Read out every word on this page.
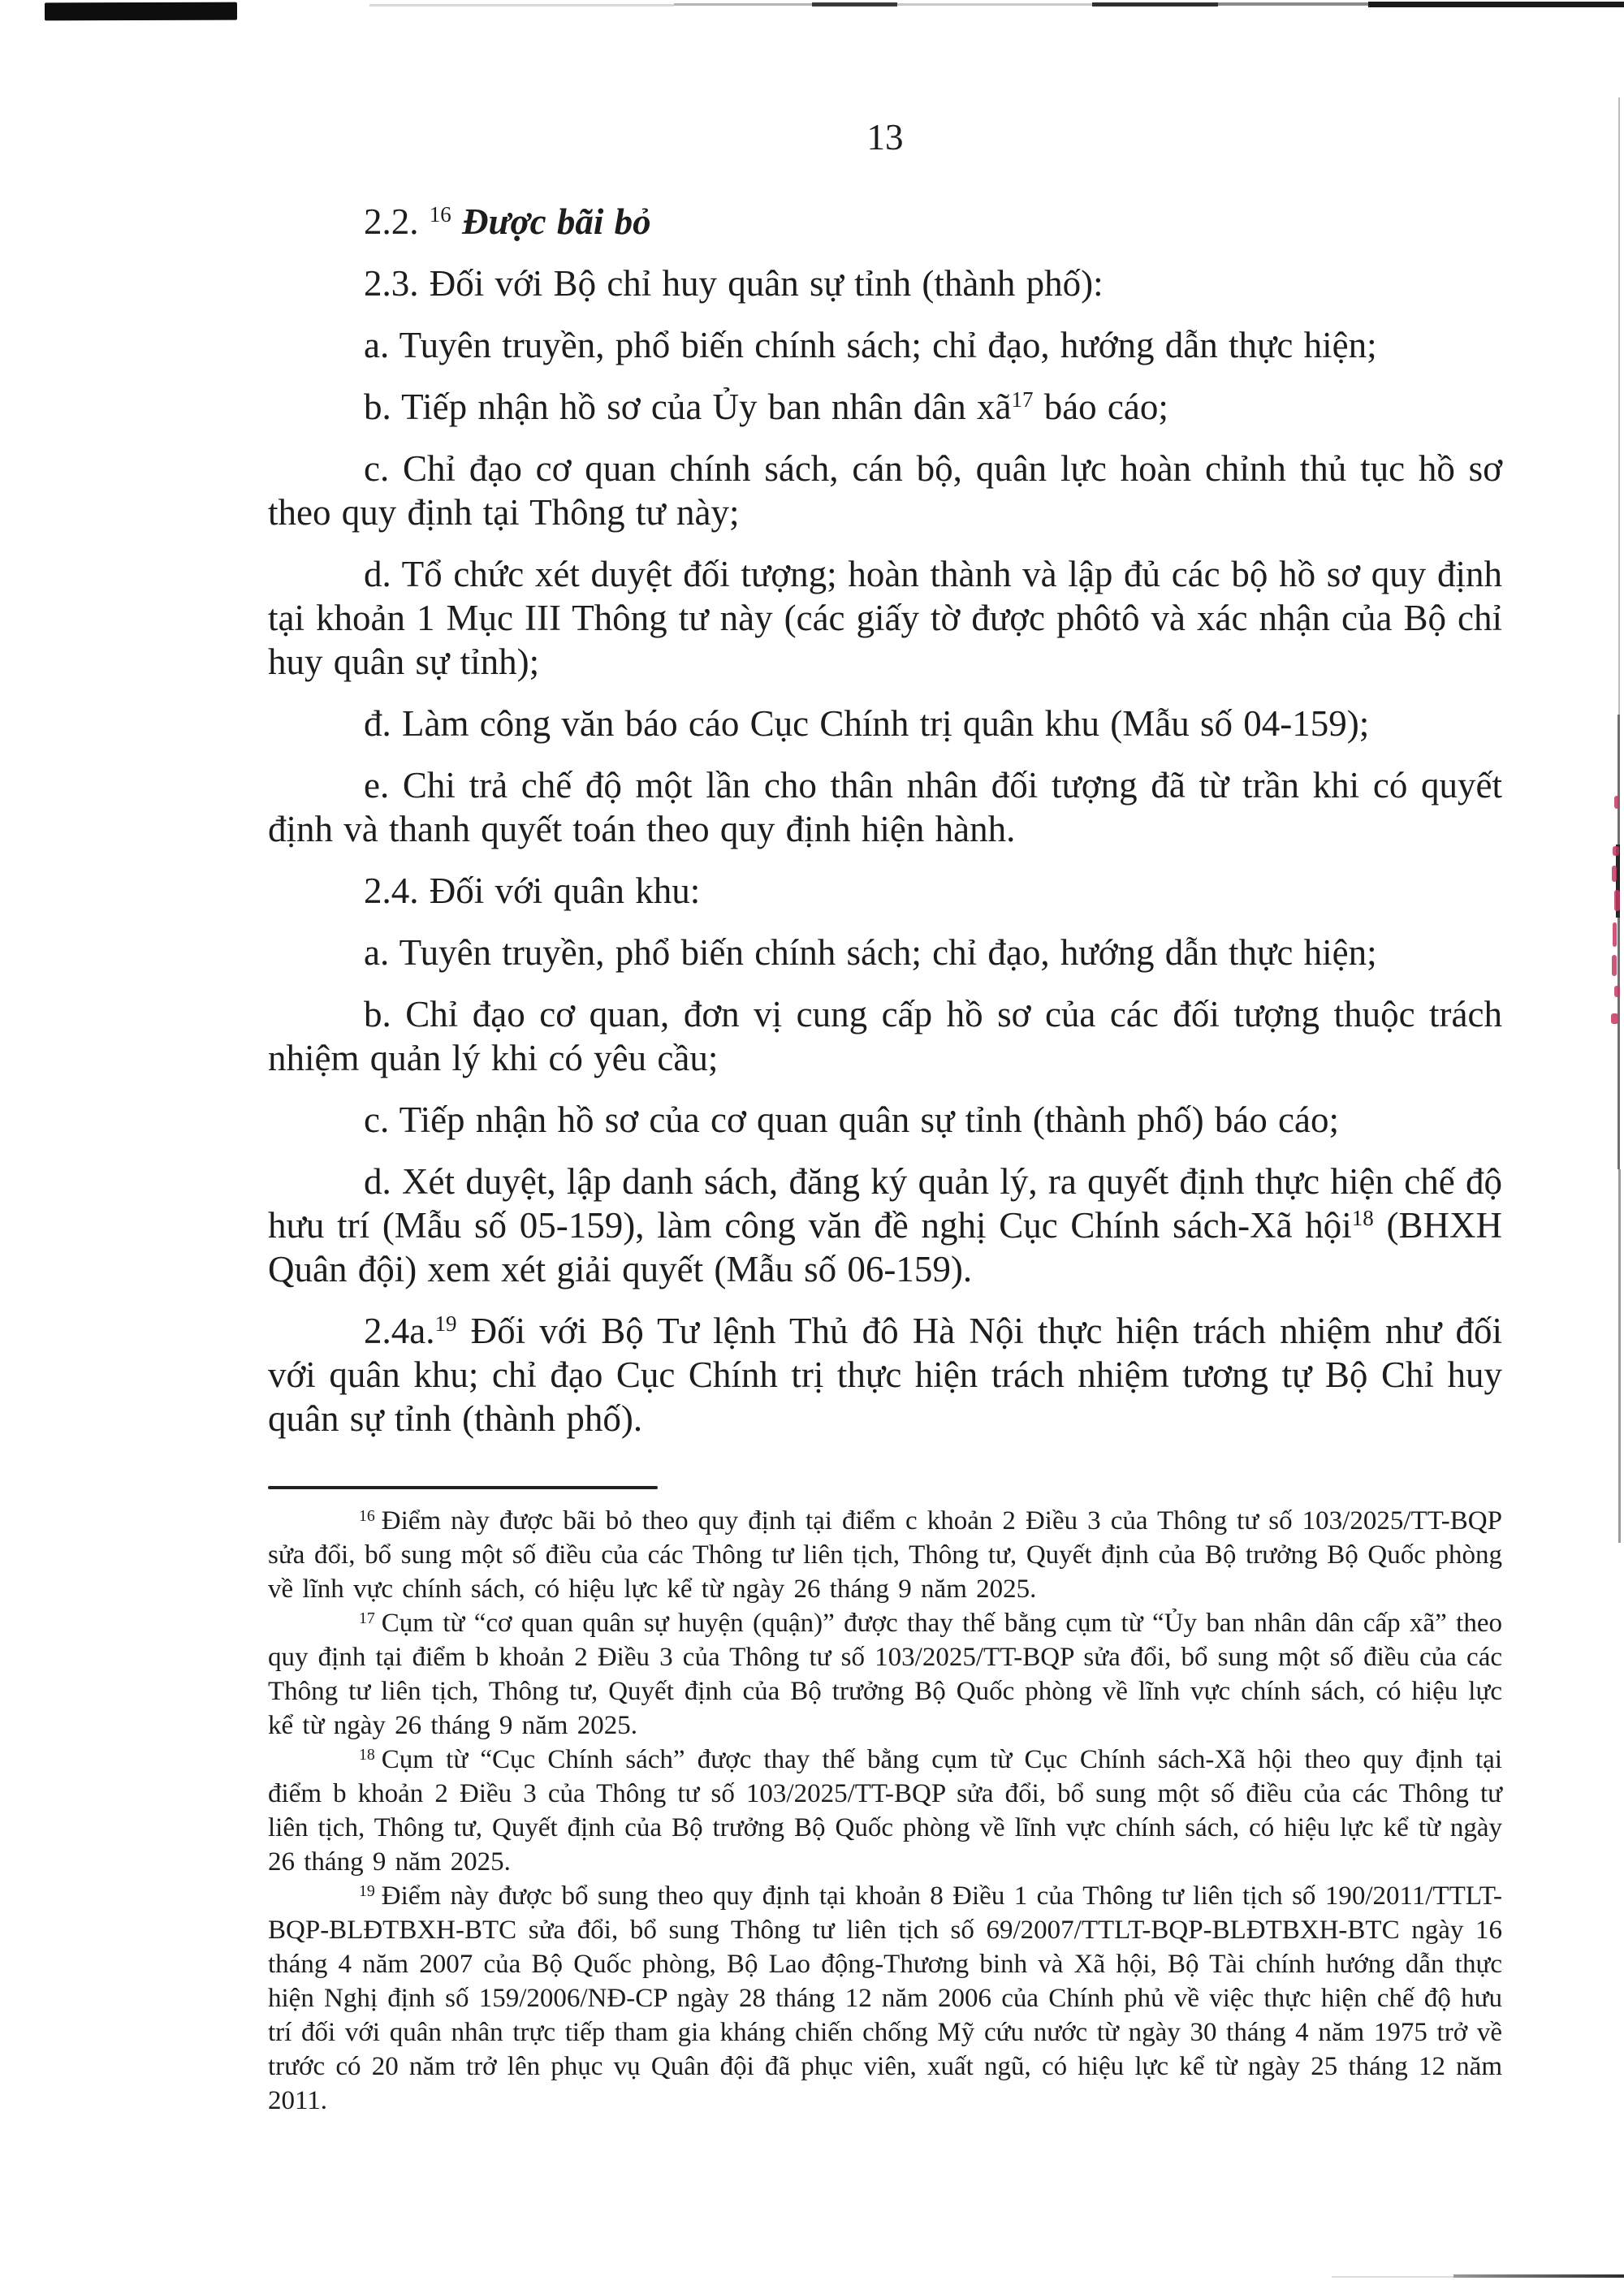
13

2.2. $^{16}$ Được bãi bỏ

2.3. Đối với Bộ chỉ huy quân sự tỉnh (thành phố):

a. Tuyên truyền, phổ biến chính sách; chỉ đạo, hướng dẫn thực hiện;

b. Tiếp nhận hồ sơ của Ủy ban nhân dân $xã^{17}$ báo cáo;

c. Chỉ đạo cơ quan chính sách, cán bộ, quân lực hoàn chỉnh thủ tục hồ sơ theo quy định tại Thông tư này;

d. Tổ chức xét duyệt đối tượng; hoàn thành và lập đủ các bộ hồ sơ quy định tại khoản 1 Mục III Thông tư này (các giấy tờ được phôtô và xác nhận của Bộ chỉ huy quân sự tỉnh);

đ. Làm công văn báo cáo Cục Chính trị quân khu (Mẫu số 04-159);

e. Chi trả chế độ một lần cho thân nhân đối tượng đã từ trần khi có quyết định và thanh quyết toán theo quy định hiện hành.

2.4. Đối với quân khu:

a. Tuyên truyền, phổ biến chính sách; chỉ đạo, hướng dẫn thực hiện;

b. Chỉ đạo cơ quan, đơn vị cung cấp hồ sơ của các đối tượng thuộc trách nhiệm quản lý khi có yêu cầu;

c. Tiếp nhận hồ sơ của cơ quan quân sự tỉnh (thành phố) báo cáo;

d. Xét duyệt, lập danh sách, đăng ký quản lý, ra quyết định thực hiện chế độ hưu trí (Mẫu số 05-159), làm công văn đề nghị Cục Chính sách-Xã hội$^{18}$ (BHXH Quân đội) xem xét giải quyết (Mẫu số 06-159).

2.4a.$^{19}$ Đối với Bộ Tư lệnh Thủ đô Hà Nội thực hiện trách nhiệm như đối với quân khu; chỉ đạo Cục Chính trị thực hiện trách nhiệm tương tự Bộ Chỉ huy quân sự tỉnh (thành phố).

$^{16}$ Điểm này được bãi bỏ theo quy định tại điểm c khoản 2 Điều 3 của Thông tư số 103/2025/TT-BQP sửa đổi, bổ sung một số điều của các Thông tư liên tịch, Thông tư, Quyết định của Bộ trưởng Bộ Quốc phòng về lĩnh vực chính sách, có hiệu lực kể từ ngày 26 tháng 9 năm 2025.

$^{17}$ Cụm từ “cơ quan quân sự huyện (quận)” được thay thế bằng cụm từ “Ủy ban nhân dân cấp xã” theo quy định tại điểm b khoản 2 Điều 3 của Thông tư số 103/2025/TT-BQP sửa đổi, bổ sung một số điều của các Thông tư liên tịch, Thông tư, Quyết định của Bộ trưởng Bộ Quốc phòng về lĩnh vực chính sách, có hiệu lực kể từ ngày 26 tháng 9 năm 2025.

$^{18}$ Cụm từ “Cục Chính sách” được thay thế bằng cụm từ Cục Chính sách-Xã hội theo quy định tại điểm b khoản 2 Điều 3 của Thông tư số 103/2025/TT-BQP sửa đổi, bổ sung một số điều của các Thông tư liên tịch, Thông tư, Quyết định của Bộ trưởng Bộ Quốc phòng về lĩnh vực chính sách, có hiệu lực kể từ ngày 26 tháng 9 năm 2025.

$^{19}$ Điểm này được bổ sung theo quy định tại khoản 8 Điều 1 của Thông tư liên tịch số 190/2011/TTLT-BQP-BLĐTBXH-BTC sửa đổi, bổ sung Thông tư liên tịch số 69/2007/TTLT-BQP-BLĐTBXH-BTC ngày 16 tháng 4 năm 2007 của Bộ Quốc phòng, Bộ Lao động-Thương binh và Xã hội, Bộ Tài chính hướng dẫn thực hiện Nghị định số 159/2006/NĐ-CP ngày 28 tháng 12 năm 2006 của Chính phủ về việc thực hiện chế độ hưu trí đối với quân nhân trực tiếp tham gia kháng chiến chống Mỹ cứu nước từ ngày 30 tháng 4 năm 1975 trở về trước có 20 năm trở lên phục vụ Quân đội đã phục viên, xuất ngũ, có hiệu lực kể từ ngày 25 tháng 12 năm 2011.
